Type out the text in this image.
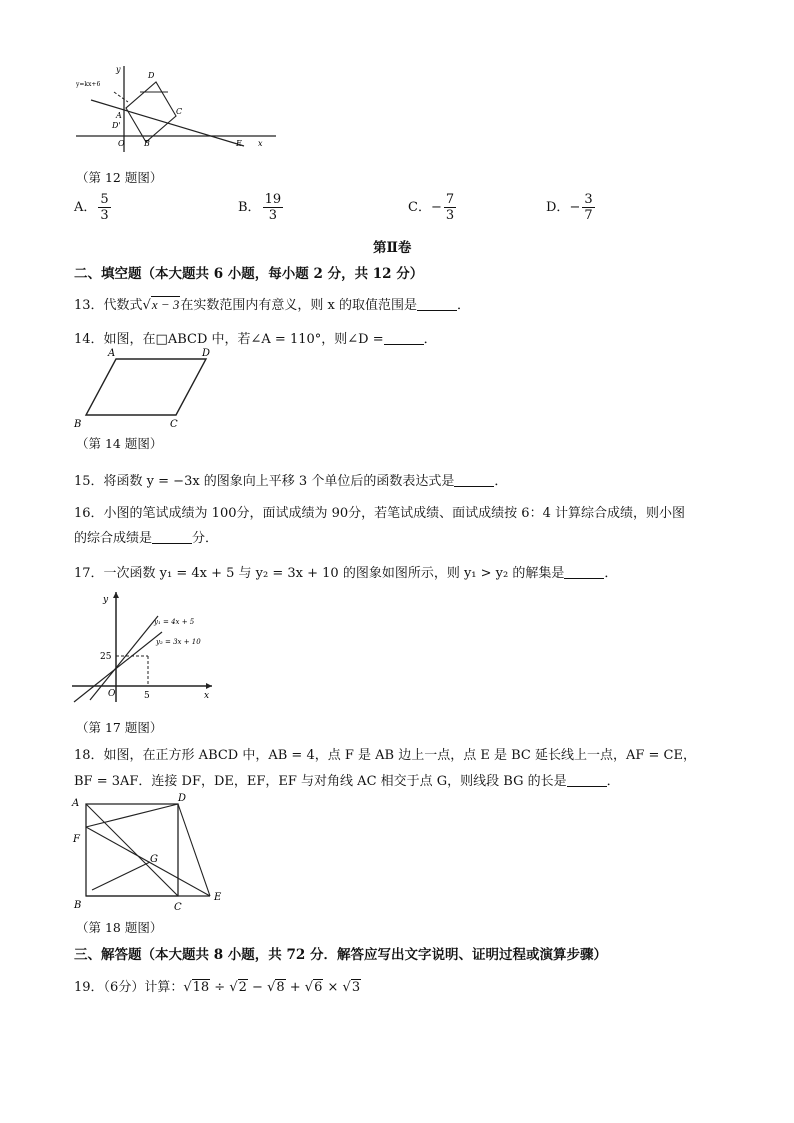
y=kx+6
y
D
A
D'
O B
C
E x
（第 12 题图）
A． $\frac{5}{3}$	B． $\frac{19}{3}$	C．− $\frac{7}{3}$	D．− $\frac{3}{7}$
第Ⅱ卷
二、填空题（本大题共 6 小题，每小题 2 分，共 12 分）
13．代数式√x − 3在实数范围内有意义，则 x 的取值范围是	．
14．如图，在□ABCD 中，若∠A = 110°，则∠D =	．
A	D
B	C
（第 14 题图）
15．将函数 y = −3x 的图象向上平移 3 个单位后的函数表达式是	．
16．小图的笔试成绩为 100分，面试成绩为 90分，若笔试成绩、面试成绩按 6：4 计算综合成绩，则小图
的综合成绩是	分．
17．一次函数 y₁ = 4x + 5 与 y₂ = 3x + 10 的图象如图所示，则 y₁ > y₂ 的解集是	．
y
x
25
5
O
y₁ = 4x + 5
y₂ = 3x + 10
（第 17 题图）
18．如图，在正方形 ABCD 中，AB = 4，点 F 是 AB 边上一点，点 E 是 BC 延长线上一点，AF = CE，
BF = 3AF．连接 DF，DE，EF，EF 与对角线 AC 相交于点 G，则线段 BG 的长是	．
A	D
F
G
B	C
E
（第 18 题图）
三、解答题（本大题共 8 小题，共 72 分．解答应写出文字说明、证明过程或演算步骤）
19．（6分）计算：√18 ÷ √2 − √8 + √6 × √3
